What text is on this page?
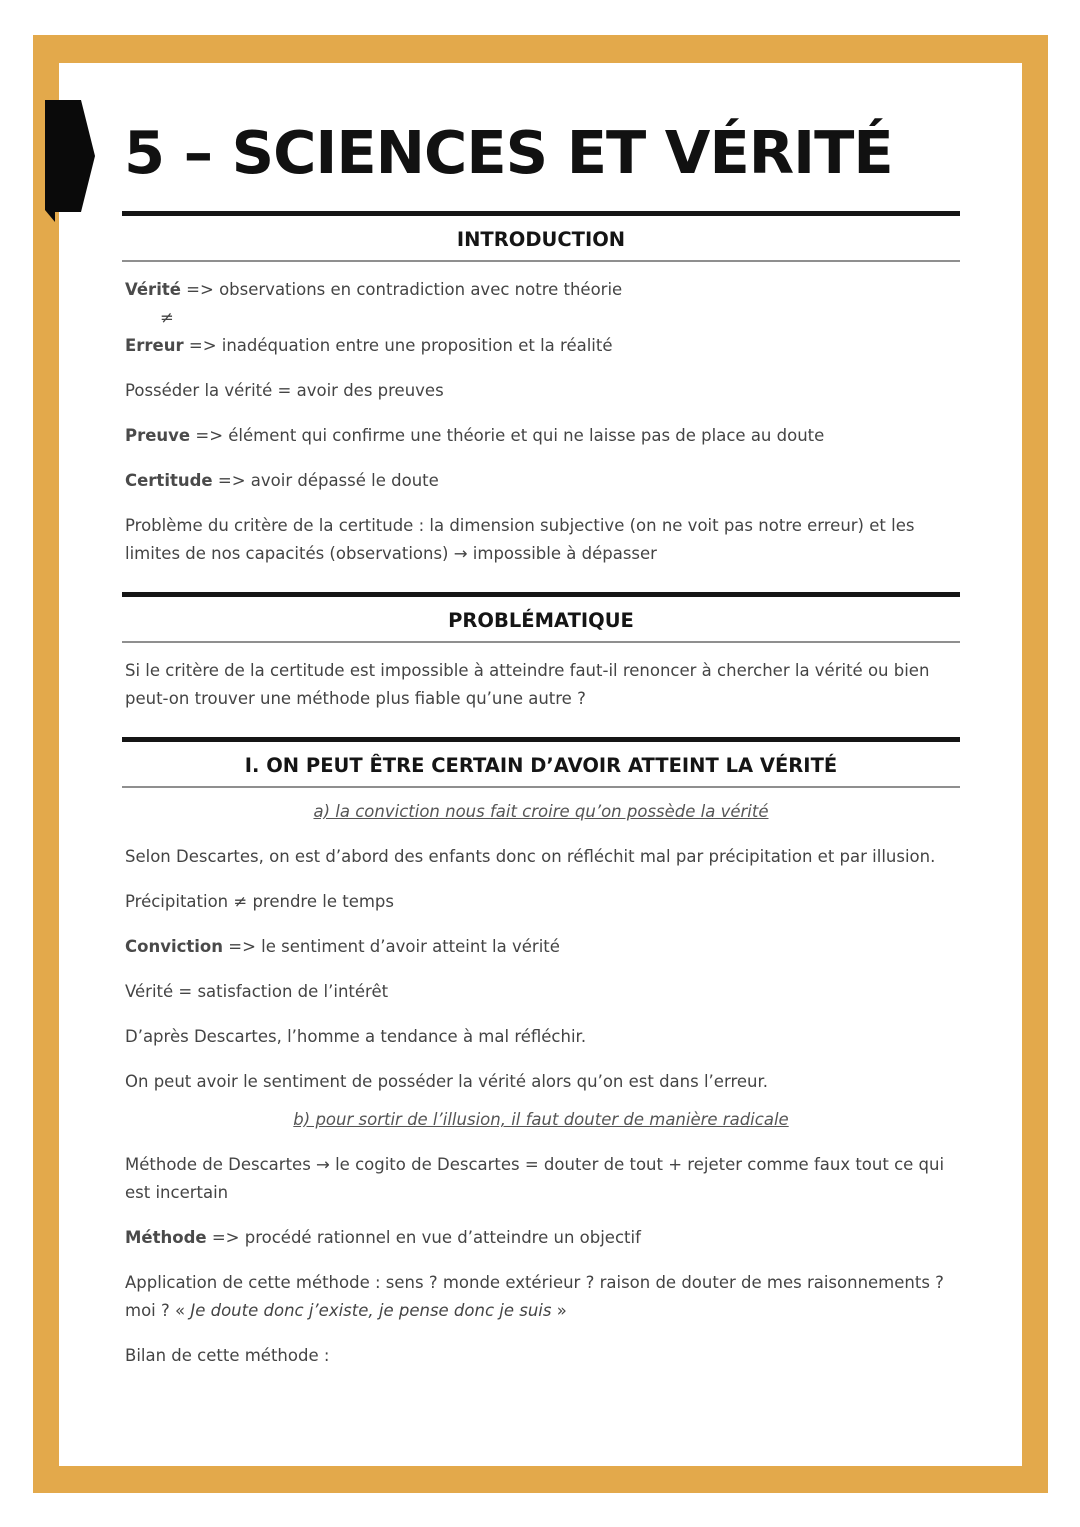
5 – SCIENCES ET VÉRITÉ
INTRODUCTION

Vérité => observations en contradiction avec notre théorie

≠

Erreur => inadéquation entre une proposition et la réalité

Posséder la vérité = avoir des preuves

Preuve => élément qui confirme une théorie et qui ne laisse pas de place au doute

Certitude => avoir dépassé le doute

Problème du critère de la certitude : la dimension subjective (on ne voit pas notre erreur) et les limites de nos capacités (observations) → impossible à dépasser

PROBLÉMATIQUE

Si le critère de la certitude est impossible à atteindre faut-il renoncer à chercher la vérité ou bien peut-on trouver une méthode plus fiable qu’une autre ?

I. ON PEUT ÊTRE CERTAIN D’AVOIR ATTEINT LA VÉRITÉ
a) la conviction nous fait croire qu’on possède la vérité

Selon Descartes, on est d’abord des enfants donc on réfléchit mal par précipitation et par illusion.

Précipitation ≠ prendre le temps

Conviction => le sentiment d’avoir atteint la vérité

Vérité = satisfaction de l’intérêt

D’après Descartes, l’homme a tendance à mal réfléchir.

On peut avoir le sentiment de posséder la vérité alors qu’on est dans l’erreur.

b) pour sortir de l’illusion, il faut douter de manière radicale

Méthode de Descartes → le cogito de Descartes = douter de tout + rejeter comme faux tout ce qui est incertain

Méthode => procédé rationnel en vue d’atteindre un objectif

Application de cette méthode : sens ? monde extérieur ? raison de douter de mes raisonnements ? moi ? « Je doute donc j’existe, je pense donc je suis »

Bilan de cette méthode :
